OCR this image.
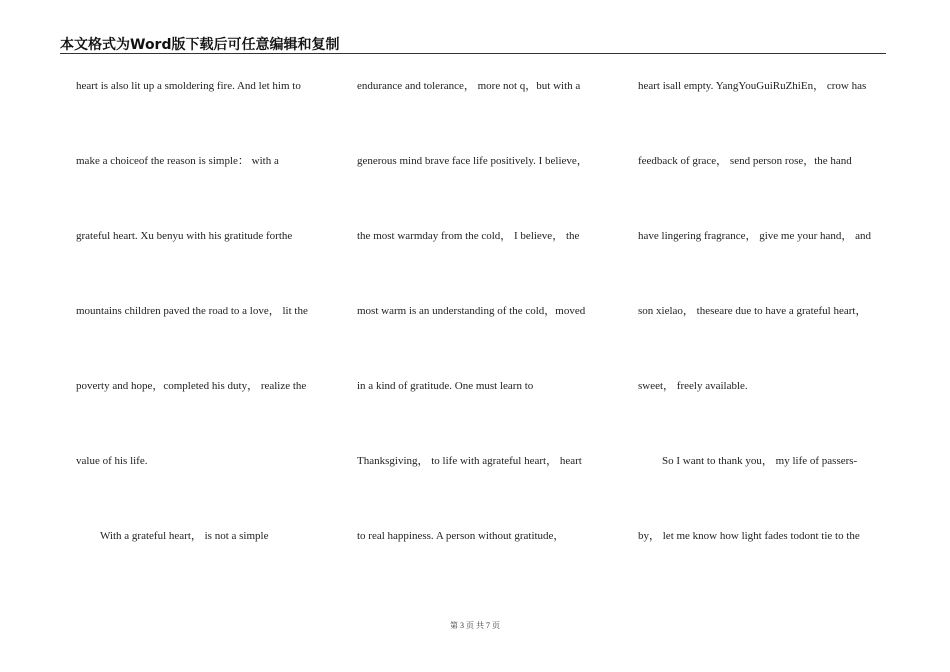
本文格式为Word版下载后可任意编辑和复制
heart is also lit up a smoldering fire. And let him to
make a choiceof the reason is simple： with a
grateful heart. Xu benyu with his gratitude forthe
mountains children paved the road to a love， lit the
poverty and hope，completed his duty， realize the
value of his life.
With a grateful heart， is not a simple
endurance and tolerance， more not q，but with a
generous mind brave face life positively. I believe，
the most warmday from the cold， I believe， the
most warm is an understanding of the cold，moved
in a kind of gratitude. One must learn to
Thanksgiving， to life with agrateful heart， heart
to real happiness. A person without gratitude，
heart isall empty. YangYouGuiRuZhiEn， crow has
feedback of grace， send person rose，the hand
have lingering fragrance， give me your hand， and
son xielao， theseare due to have a grateful heart，
sweet， freely available.
So I want to thank you， my life of passers-
by， let me know how light fades todont tie to the
第 3 页 共 7 页
